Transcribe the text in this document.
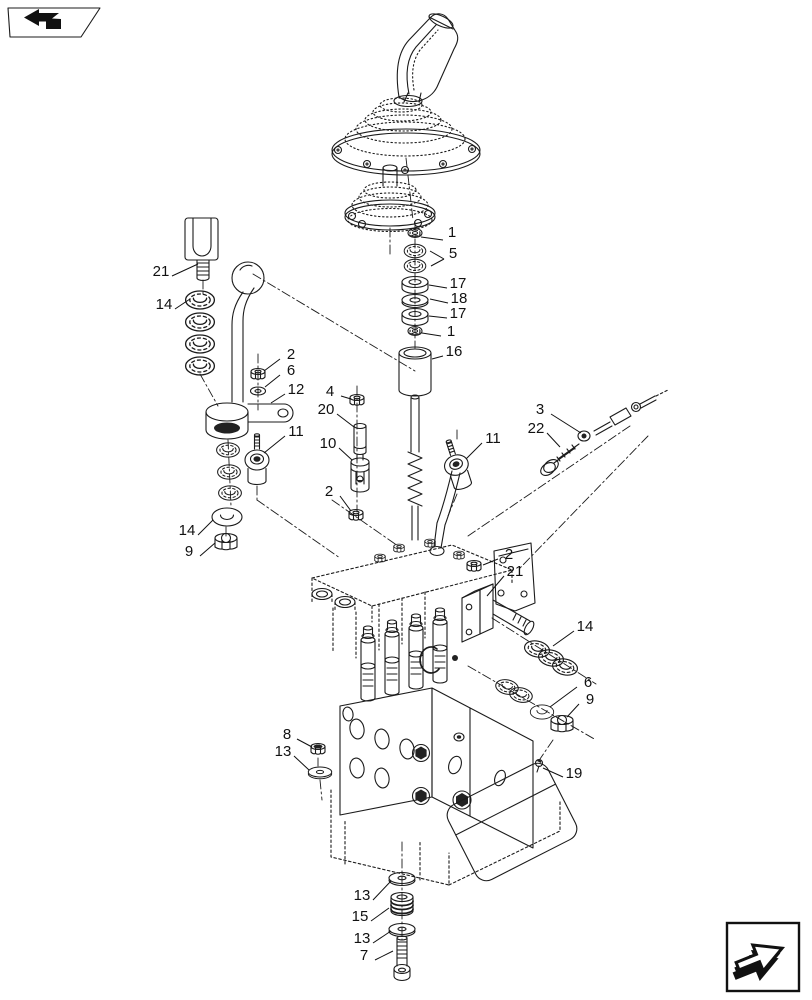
1
5
17
18
17
1
16
21
14
2
6
12
11
4
20
10
2
3
22
11
2
21
14
6
9
19
8
13
14
9
13
15
13
7
